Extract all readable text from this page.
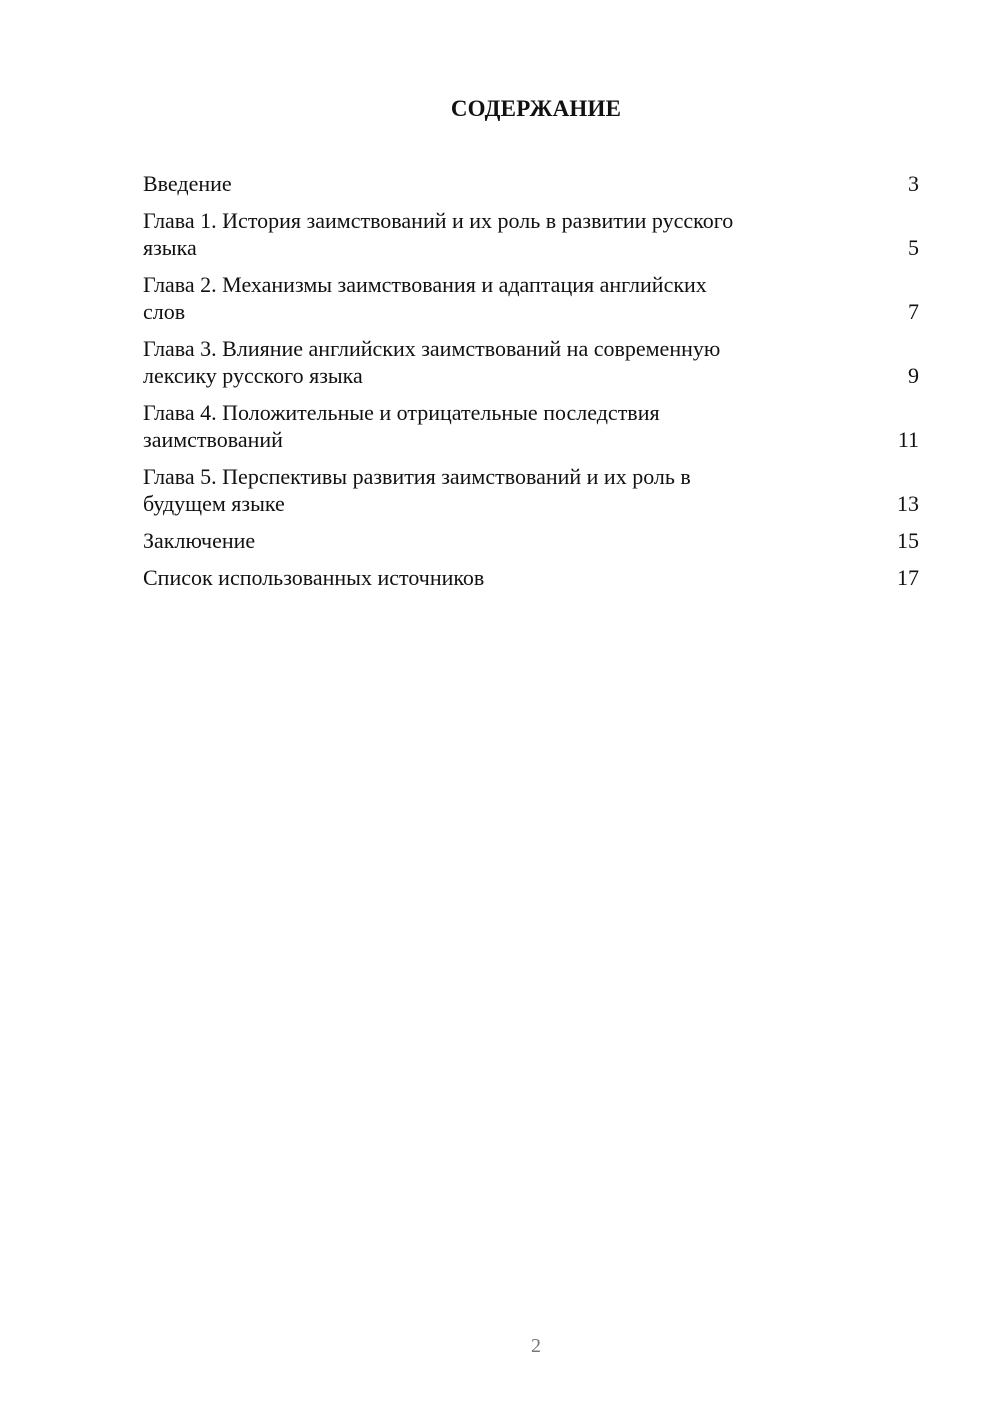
СОДЕРЖАНИЕ
Введение	3
Глава 1. История заимствований и их роль в развитии русского
языка	5
Глава 2. Механизмы заимствования и адаптация английских
слов	7
Глава 3. Влияние английских заимствований на современную
лексику русского языка	9
Глава 4. Положительные и отрицательные последствия
заимствований	11
Глава 5. Перспективы развития заимствований и их роль в
будущем языке	13
Заключение	15
Список использованных источников	17
2
